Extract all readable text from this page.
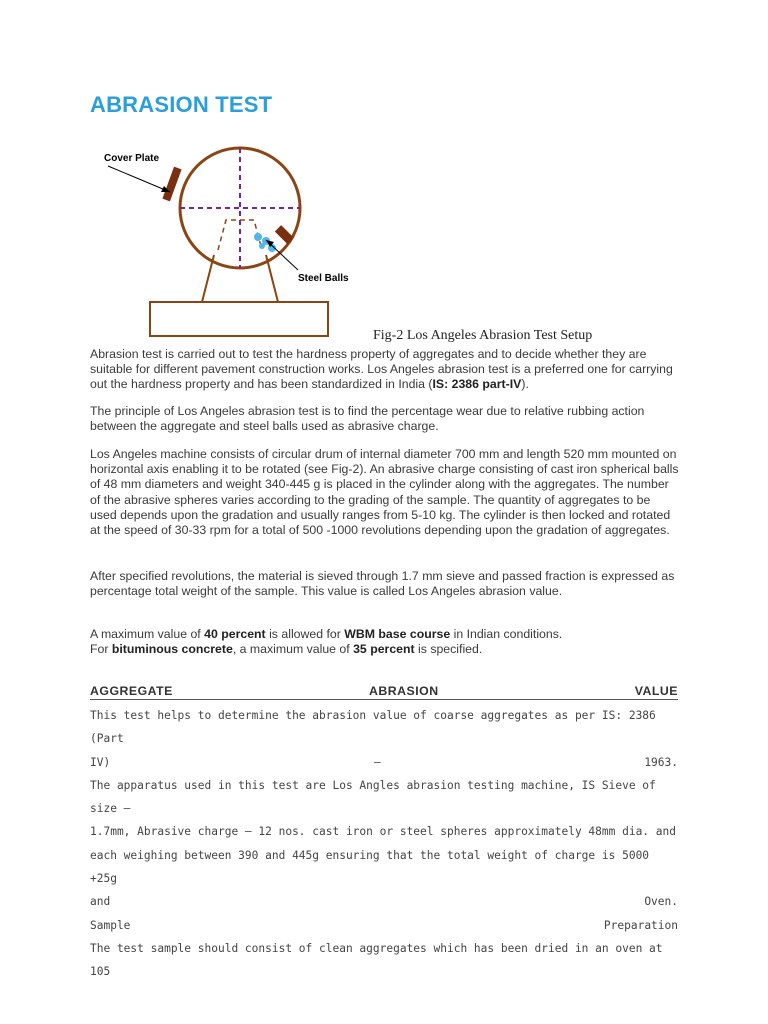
ABRASION TEST
Cover Plate
Steel Balls
Fig-2 Los Angeles Abrasion Test Setup

Abrasion test is carried out to test the hardness property of aggregates and to decide whether they are suitable for different pavement construction works. Los Angeles abrasion test is a preferred one for carrying out the hardness property and has been standardized in India (IS: 2386 part-IV).

The principle of Los Angeles abrasion test is to find the percentage wear due to relative rubbing action between the aggregate and steel balls used as abrasive charge.

Los Angeles machine consists of circular drum of internal diameter 700 mm and length 520 mm mounted on horizontal axis enabling it to be rotated (see Fig-2). An abrasive charge consisting of cast iron spherical balls of 48 mm diameters and weight 340-445 g is placed in the cylinder along with the aggregates. The number of the abrasive spheres varies according to the grading of the sample. The quantity of aggregates to be used depends upon the gradation and usually ranges from 5-10 kg. The cylinder is then locked and rotated at the speed of 30-33 rpm for a total of 500 -1000 revolutions depending upon the gradation of aggregates.

After specified revolutions, the material is sieved through 1.7 mm sieve and passed fraction is expressed as percentage total weight of the sample. This value is called Los Angeles abrasion value.

A maximum value of 40 percent is allowed for WBM base course in Indian conditions.
For bituminous concrete, a maximum value of 35 percent is specified.

AGGREGATE	ABRASION	VALUE
This test helps to determine the abrasion value of coarse aggregates as per IS: 2386 (Part
IV)	–	1963.
The apparatus used in this test are Los Angles abrasion testing machine, IS Sieve of size –
1.7mm, Abrasive charge – 12 nos. cast iron or steel spheres approximately 48mm dia. and
each weighing between 390 and 445g ensuring that the total weight of charge is 5000 +25g
and	Oven.
Sample	Preparation
The test sample should consist of clean aggregates which has been dried in an oven at 105
